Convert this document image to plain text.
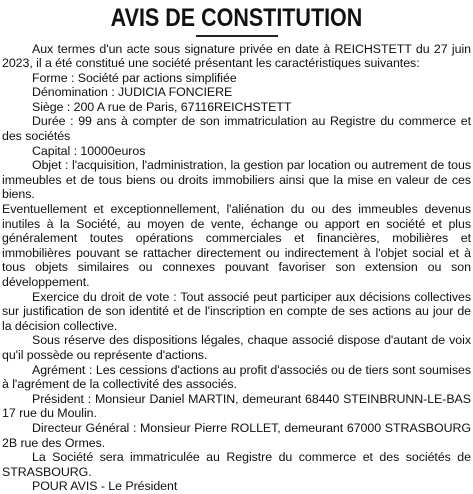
AVIS DE CONSTITUTION

Aux termes d'un acte sous signature privée en date à REICHSTETT du 27 juin 2023, il a été constitué une société présentant les caractéristiques suivantes:

Forme : Société par actions simplifiée

Dénomination : JUDICIA FONCIERE

Siège : 200 A rue de Paris, 67116REICHSTETT

Durée : 99 ans à compter de son immatriculation au Registre du commerce et des sociétés

Capital : 10000euros

Objet : l'acquisition, l'administration, la gestion par location ou autrement de tous immeubles et de tous biens ou droits immobiliers ainsi que la mise en valeur de ces biens.

Eventuellement et exceptionnellement, l'aliénation du ou des immeubles devenus inutiles à la Société, au moyen de vente, échange ou apport en société et plus généralement toutes opérations commerciales et financières, mobilières et immobilières pouvant se rattacher directement ou indirectement à l'objet social et à tous objets similaires ou connexes pouvant favoriser son extension ou son développement.

Exercice du droit de vote : Tout associé peut participer aux décisions collectives sur justification de son identité et de l'inscription en compte de ses actions au jour de la décision collective.

Sous réserve des dispositions légales, chaque associé dispose d'autant de voix qu'il possède ou représente d'actions.

Agrément : Les cessions d'actions au profit d'associés ou de tiers sont soumises à l'agrément de la collectivité des associés.

Président : Monsieur Daniel MARTIN, demeurant 68440 STEINBRUNN-LE-BAS 17 rue du Moulin.

Directeur Général : Monsieur Pierre ROLLET, demeurant 67000 STRASBOURG 2B rue des Ormes.

La Société sera immatriculée au Registre du commerce et des sociétés de STRASBOURG.

POUR AVIS - Le Président
